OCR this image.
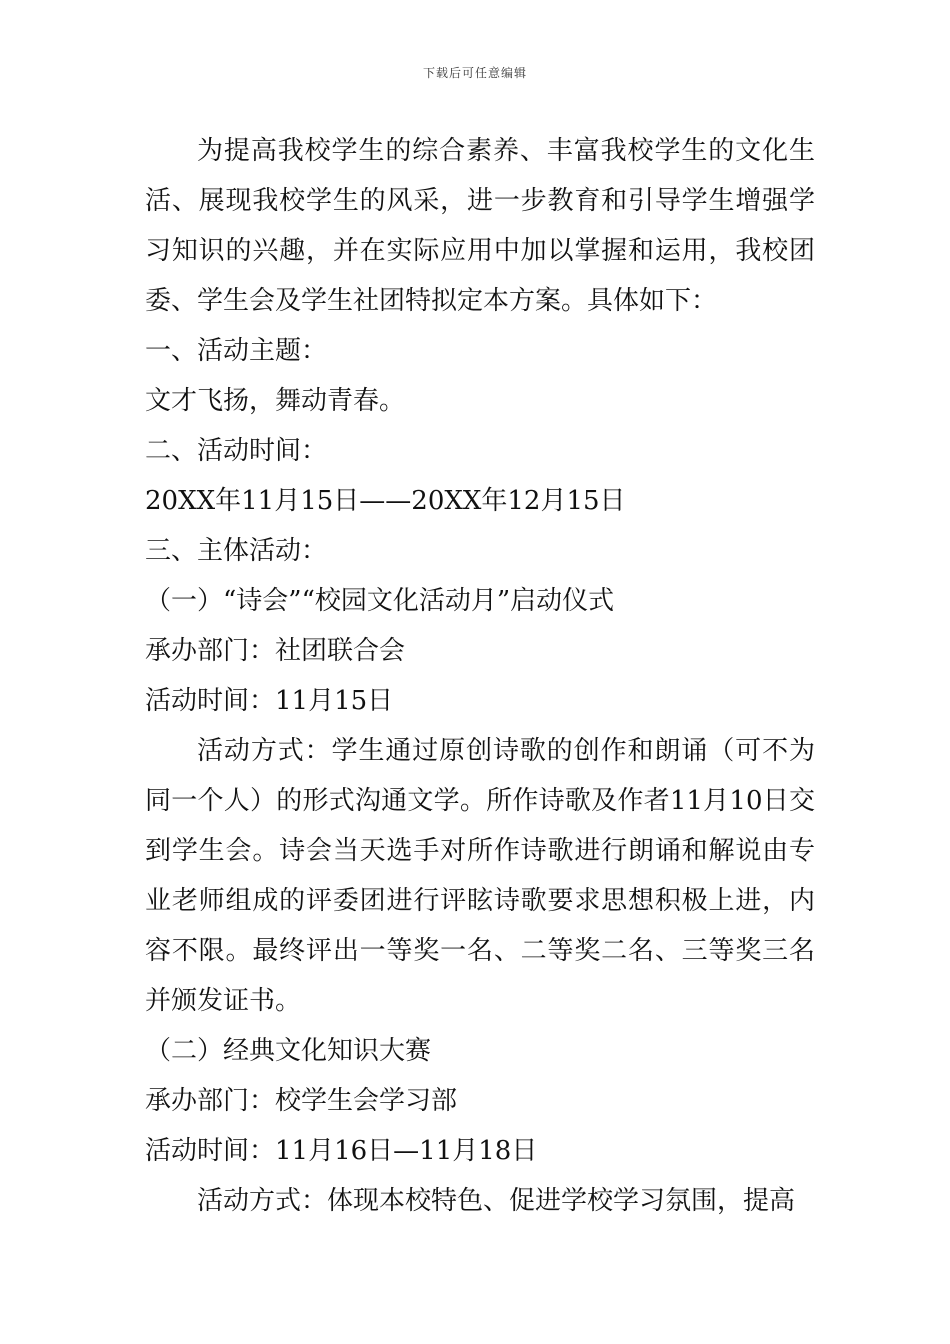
下载后可任意编辑

为提高我校学生的综合素养、丰富我校学生的文化生活、展现我校学生的风采，进一步教育和引导学生增强学习知识的兴趣，并在实际应用中加以掌握和运用，我校团委、学生会及学生社团特拟定本方案。具体如下：

一、活动主题：

文才飞扬，舞动青春。

二、活动时间：

20XX年11月15日——20XX年12月15日

三、主体活动：

（一）“诗会”“校园文化活动月”启动仪式

承办部门：社团联合会

活动时间：11月15日

活动方式：学生通过原创诗歌的创作和朗诵（可不为同一个人）的形式沟通文学。所作诗歌及作者11月10日交到学生会。诗会当天选手对所作诗歌进行朗诵和解说由专业老师组成的评委团进行评眩诗歌要求思想积极上进，内容不限。最终评出一等奖一名、二等奖二名、三等奖三名并颁发证书。

（二）经典文化知识大赛

承办部门：校学生会学习部

活动时间：11月16日—11月18日

活动方式：体现本校特色、促进学校学习氛围，提高
